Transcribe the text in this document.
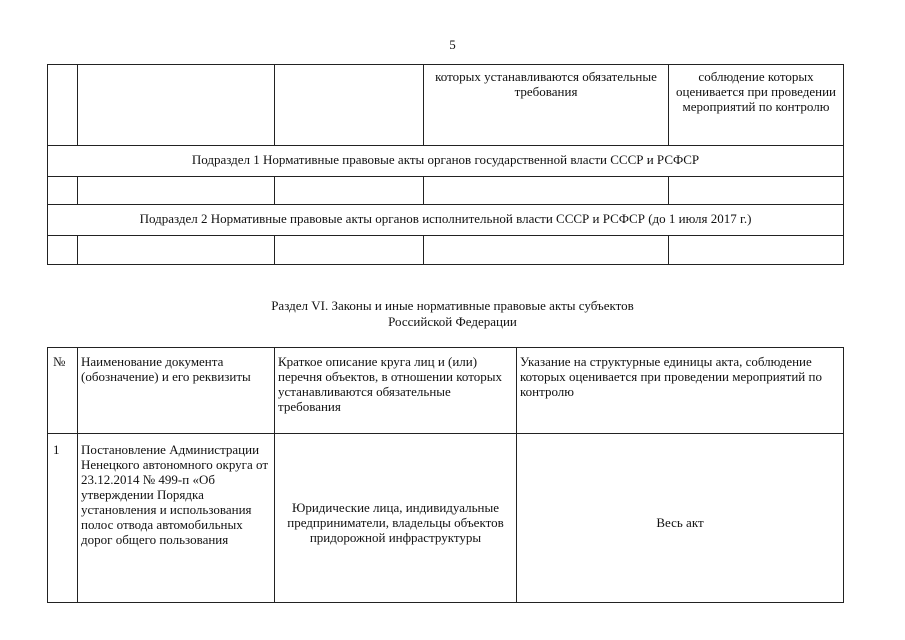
5
			которых устанавливаются обязательные требования	соблюдение которых оценивается при проведении мероприятий по контролю
Подраздел 1 Нормативные правовые акты органов государственной власти СССР и РСФСР				

Подраздел 2 Нормативные правовые акты органов исполнительной власти СССР и РСФСР (до 1 июля 2017 г.)				

Раздел VI. Законы и иные нормативные правовые акты субъектов
Российской Федерации
№	Наименование документа (обозначение) и его реквизиты	Краткое описание круга лиц и (или) перечня объектов, в отношении которых устанавливаются обязательные требования	Указание на структурные единицы акта, соблюдение которых оценивается при проведении мероприятий по контролю
1	Постановление Администрации Ненецкого автономного округа от 23.12.2014 № 499-п «Об утверждении Порядка установления и использования полос отвода автомобильных дорог общего пользования	Юридические лица, индивидуальные предприниматели, владельцы объектов придорожной инфраструктуры	Весь акт
